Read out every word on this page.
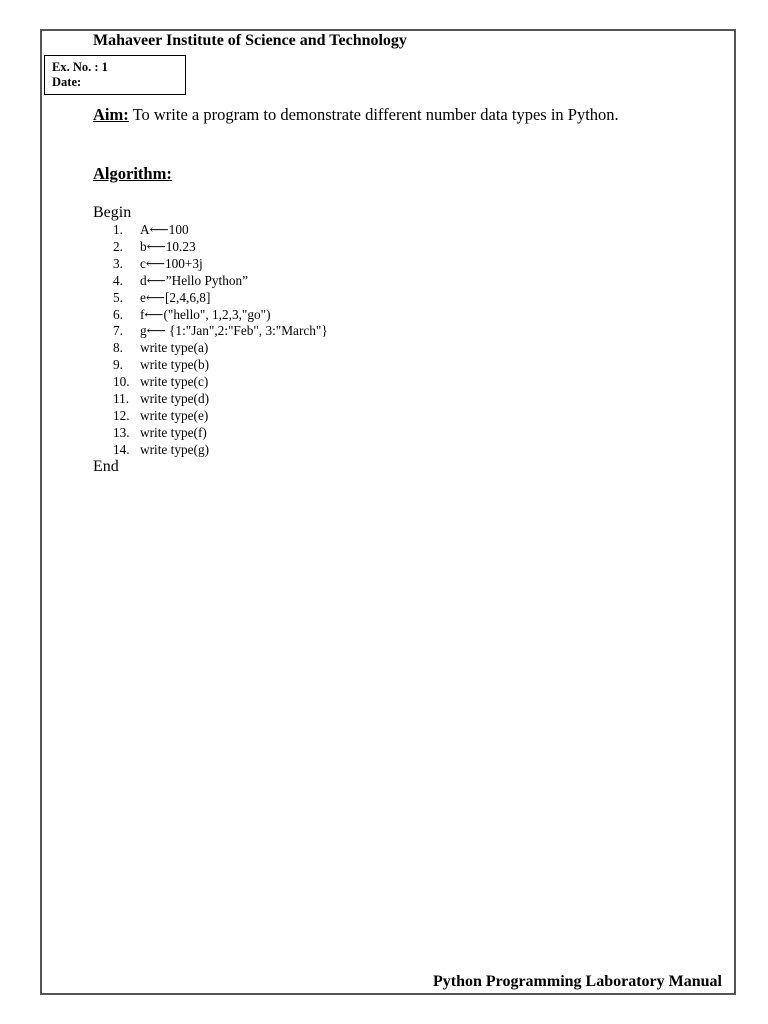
Mahaveer Institute of Science and Technology
Ex. No. : 1
Date:
Aim: To write a program to demonstrate different number data types in Python.
Algorithm:
Begin
1.	A⟵100
2.	b⟵10.23
3.	c⟵100+3j
4.	d⟵”Hello Python”
5.	e⟵[2,4,6,8]
6.	f⟵("hello", 1,2,3,"go")
7.	g⟵ {1:"Jan",2:"Feb", 3:"March"}
8.	write type(a)
9.	write type(b)
10. write type(c)
11. write type(d)
12. write type(e)
13. write type(f)
14. write type(g)
End
Python Programming Laboratory Manual
